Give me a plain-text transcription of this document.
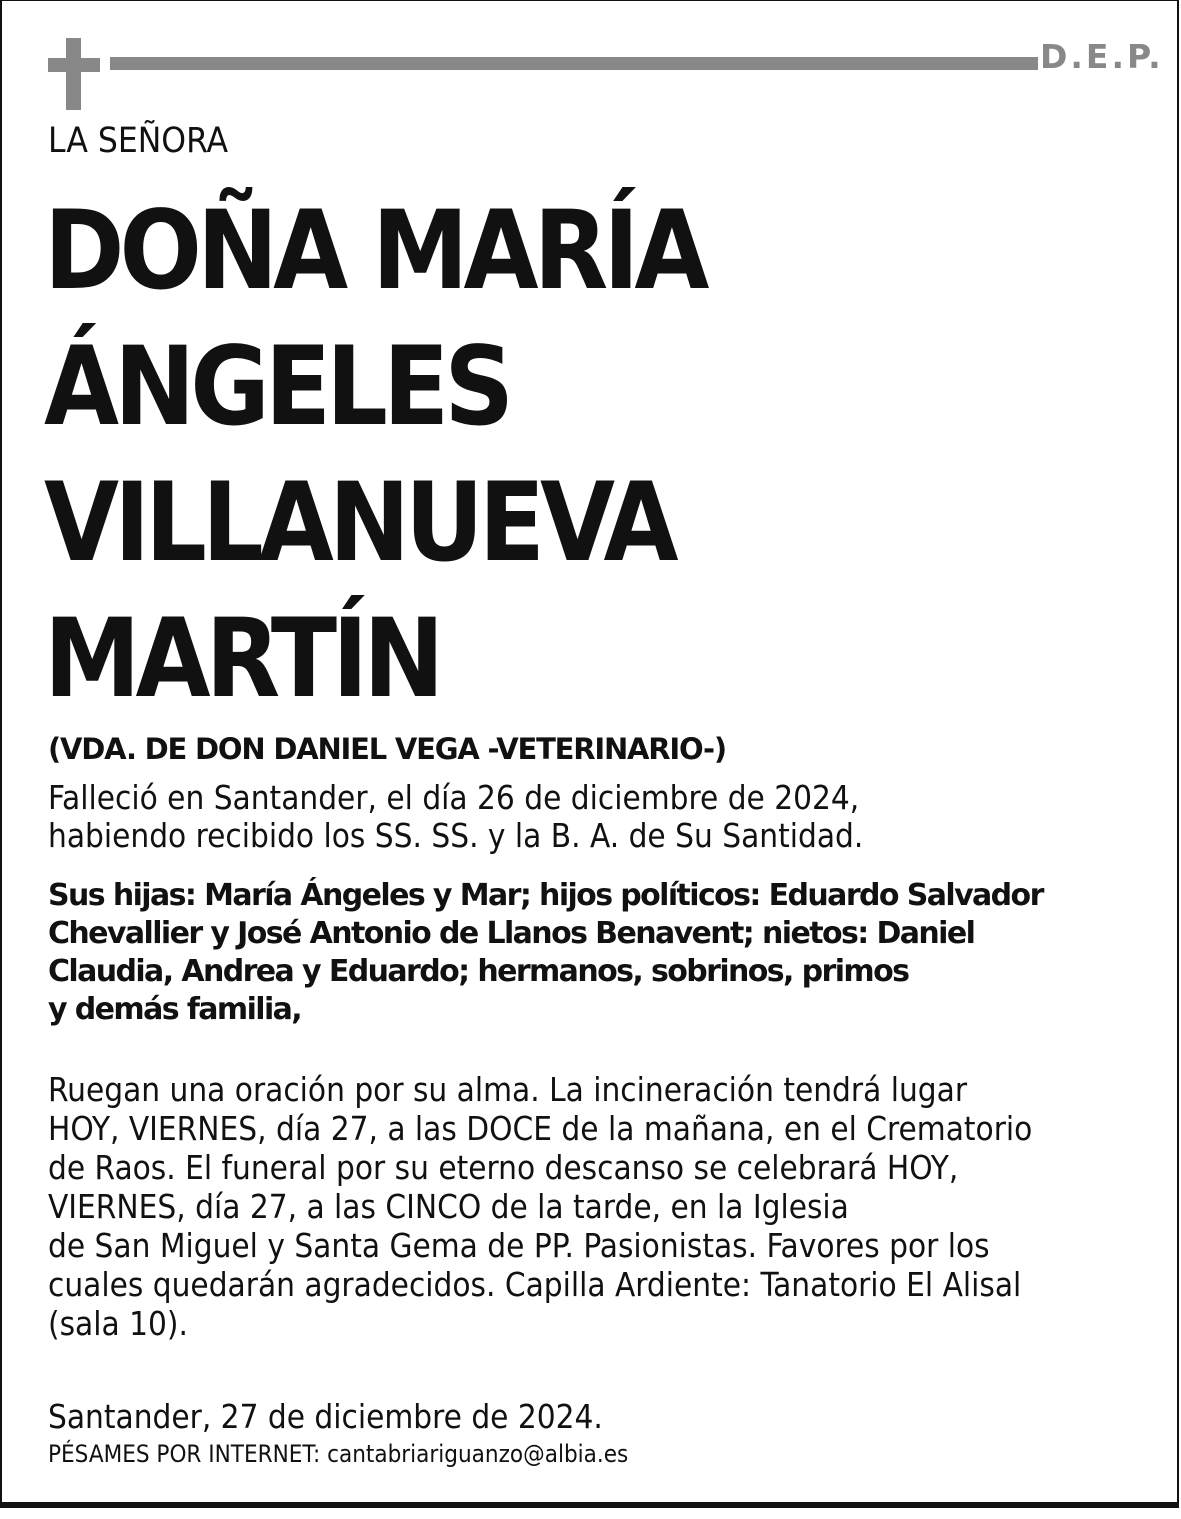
D.E.P.
LA SEÑORA
DOÑA MARÍA
ÁNGELES
VILLANUEVA
MARTÍN
(VDA. DE DON DANIEL VEGA -VETERINARIO-)
Falleció en Santander, el día 26 de diciembre de 2024,
habiendo recibido los SS. SS. y la B. A. de Su Santidad.
Sus hijas: María Ángeles y Mar; hijos políticos: Eduardo Salvador
Chevallier y José Antonio de Llanos Benavent; nietos: Daniel
Claudia, Andrea y Eduardo; hermanos, sobrinos, primos
y demás familia,
Ruegan una oración por su alma. La incineración tendrá lugar
HOY, VIERNES, día 27, a las DOCE de la mañana, en el Crematorio
de Raos. El funeral por su eterno descanso se celebrará HOY,
VIERNES, día 27, a las CINCO de la tarde, en la Iglesia
de San Miguel y Santa Gema de PP. Pasionistas. Favores por los
cuales quedarán agradecidos. Capilla Ardiente: Tanatorio El Alisal
(sala 10).
Santander, 27 de diciembre de 2024.
PÉSAMES POR INTERNET: cantabriariguanzo@albia.es
